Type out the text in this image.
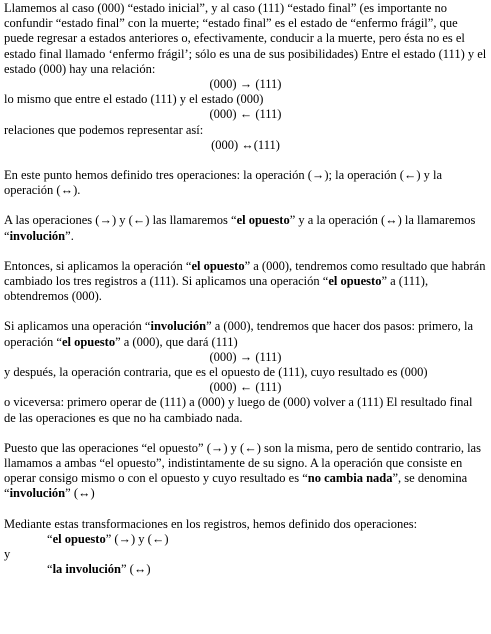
Llamemos al caso (000) “estado inicial”, y al caso (111) “estado final” (es importante no confundir “estado final” con la muerte; “estado final” es el estado de “enfermo frágil”, que puede regresar a estados anteriores o, efectivamente, conducir a la muerte, pero ésta no es el estado final llamado ‘enfermo frágil’; sólo es una de sus posibilidades) Entre el estado (111) y el estado (000) hay una relación:

(000) → (111)

lo mismo que entre el estado (111) y el estado (000)

(000) ← (111)

relaciones que podemos representar así:

(000) ↔(111)

En este punto hemos definido tres operaciones: la operación (→); la operación (←) y la operación (↔).

A las operaciones (→) y (←) las llamaremos “el opuesto” y a la operación (↔) la llamaremos “involución”.

Entonces, si aplicamos la operación “el opuesto” a (000), tendremos como resultado que habrán cambiado los tres registros a (111). Si aplicamos una operación “el opuesto” a (111), obtendremos (000).

Si aplicamos una operación “involución” a (000), tendremos que hacer dos pasos: primero, la operación “el opuesto” a (000), que dará (111)

(000) → (111)

y después, la operación contraria, que es el opuesto de (111), cuyo resultado es (000)

(000) ← (111)

o viceversa: primero operar de (111) a (000) y luego de (000) volver a (111) El resultado final de las operaciones es que no ha cambiado nada.

Puesto que las operaciones “el opuesto” (→) y (←) son la misma, pero de sentido contrario, las llamamos a ambas “el opuesto”, indistintamente de su signo. A la operación que consiste en operar consigo mismo o con el opuesto y cuyo resultado es “no cambia nada”, se denomina “involución” (↔)

Mediante estas transformaciones en los registros, hemos definido dos operaciones:

“el opuesto” (→) y (←)

y

“la involución” (↔)
